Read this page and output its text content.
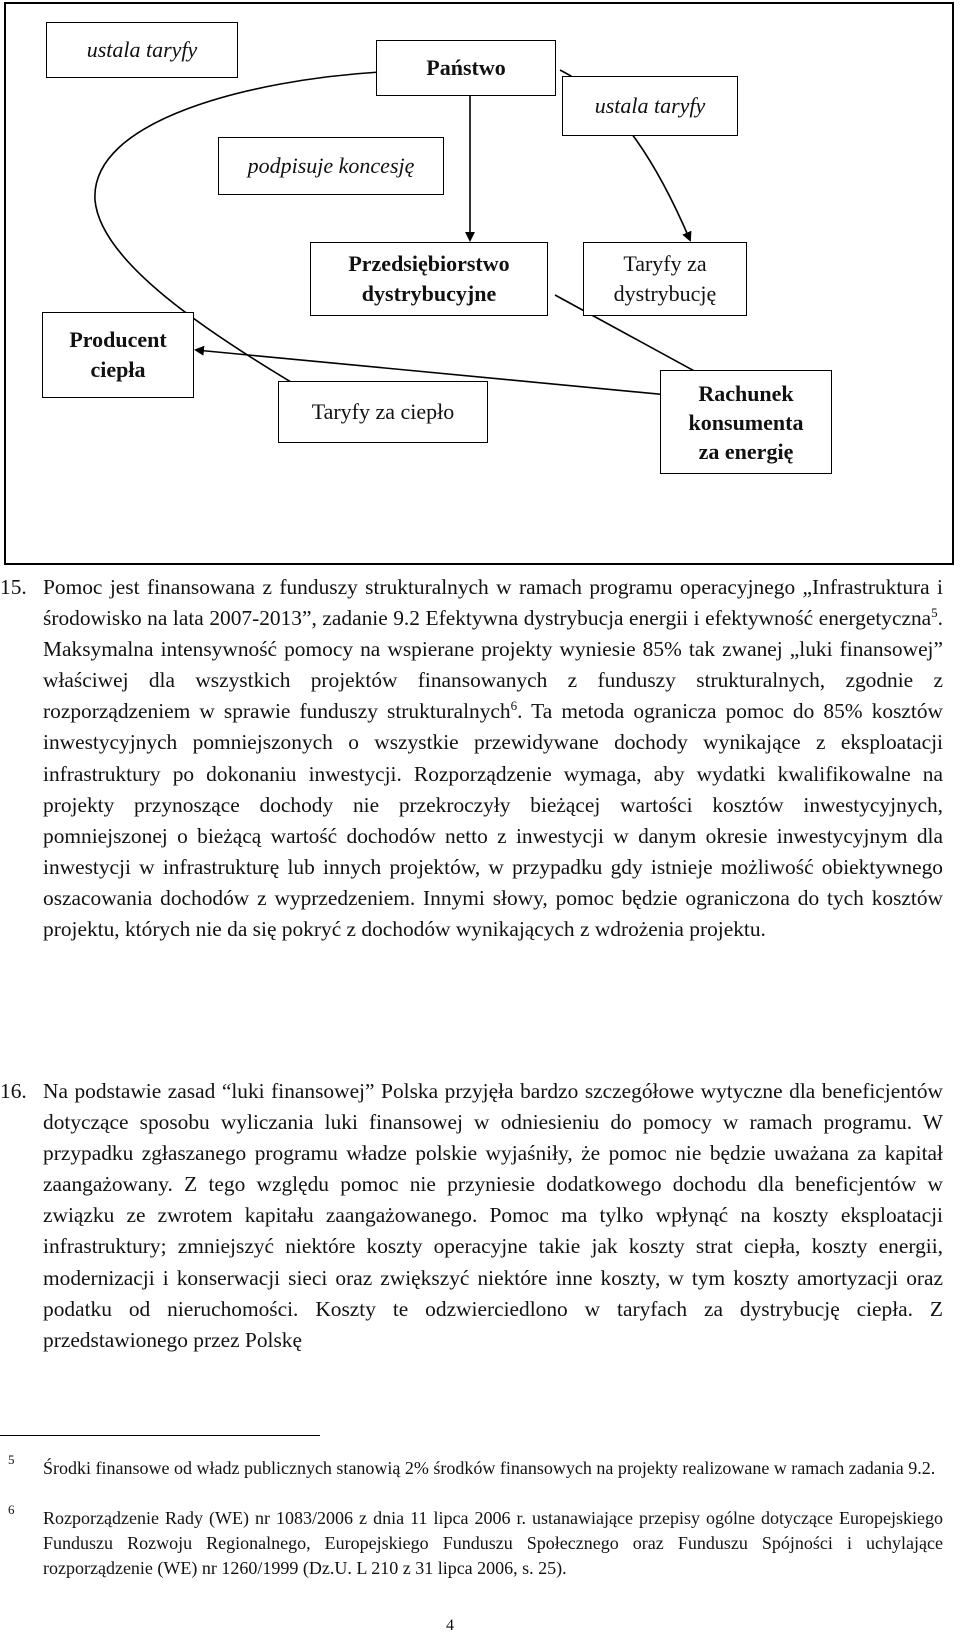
ustala taryfy
Państwo
ustala taryfy
podpisuje koncesję
Przedsiębiorstwo
dystrybucyjne
Taryfy za
dystrybucję
Producent
ciepła
Taryfy za ciepło
Rachunek
konsumenta
za energię
15. Pomoc jest finansowana z funduszy strukturalnych w ramach programu operacyjnego „Infrastruktura i środowisko na lata 2007-2013”, zadanie 9.2 Efektywna dystrybucja energii i efektywność energetyczna$^5$. Maksymalna intensywność pomocy na wspierane projekty wyniesie 85% tak zwanej „luki finansowej” właściwej dla wszystkich projektów finansowanych z funduszy strukturalnych, zgodnie z rozporządzeniem w sprawie funduszy strukturalnych$^6$. Ta metoda ogranicza pomoc do 85% kosztów inwestycyjnych pomniejszonych o wszystkie przewidywane dochody wynikające z eksploatacji infrastruktury po dokonaniu inwestycji. Rozporządzenie wymaga, aby wydatki kwalifikowalne na projekty przynoszące dochody nie przekroczyły bieżącej wartości kosztów inwestycyjnych, pomniejszonej o bieżącą wartość dochodów netto z inwestycji w danym okresie inwestycyjnym dla inwestycji w infrastrukturę lub innych projektów, w przypadku gdy istnieje możliwość obiektywnego oszacowania dochodów z wyprzedzeniem. Innymi słowy, pomoc będzie ograniczona do tych kosztów projektu, których nie da się pokryć z dochodów wynikających z wdrożenia projektu.
16. Na podstawie zasad “luki finansowej” Polska przyjęła bardzo szczegółowe wytyczne dla beneficjentów dotyczące sposobu wyliczania luki finansowej w odniesieniu do pomocy w ramach programu. W przypadku zgłaszanego programu władze polskie wyjaśniły, że pomoc nie będzie uważana za kapitał zaangażowany. Z tego względu pomoc nie przyniesie dodatkowego dochodu dla beneficjentów w związku ze zwrotem kapitału zaangażowanego. Pomoc ma tylko wpłynąć na koszty eksploatacji infrastruktury; zmniejszyć niektóre koszty operacyjne takie jak koszty strat ciepła, koszty energii, modernizacji i konserwacji sieci oraz zwiększyć niektóre inne koszty, w tym koszty amortyzacji oraz podatku od nieruchomości. Koszty te odzwierciedlono w taryfach za dystrybucję ciepła. Z przedstawionego przez Polskę
5 Środki finansowe od władz publicznych stanowią 2% środków finansowych na projekty realizowane w ramach zadania 9.2.
6 Rozporządzenie Rady (WE) nr 1083/2006 z dnia 11 lipca 2006 r. ustanawiające przepisy ogólne dotyczące Europejskiego Funduszu Rozwoju Regionalnego, Europejskiego Funduszu Społecznego oraz Funduszu Spójności i uchylające rozporządzenie (WE) nr 1260/1999 (Dz.U. L 210 z 31 lipca 2006, s. 25).
4
